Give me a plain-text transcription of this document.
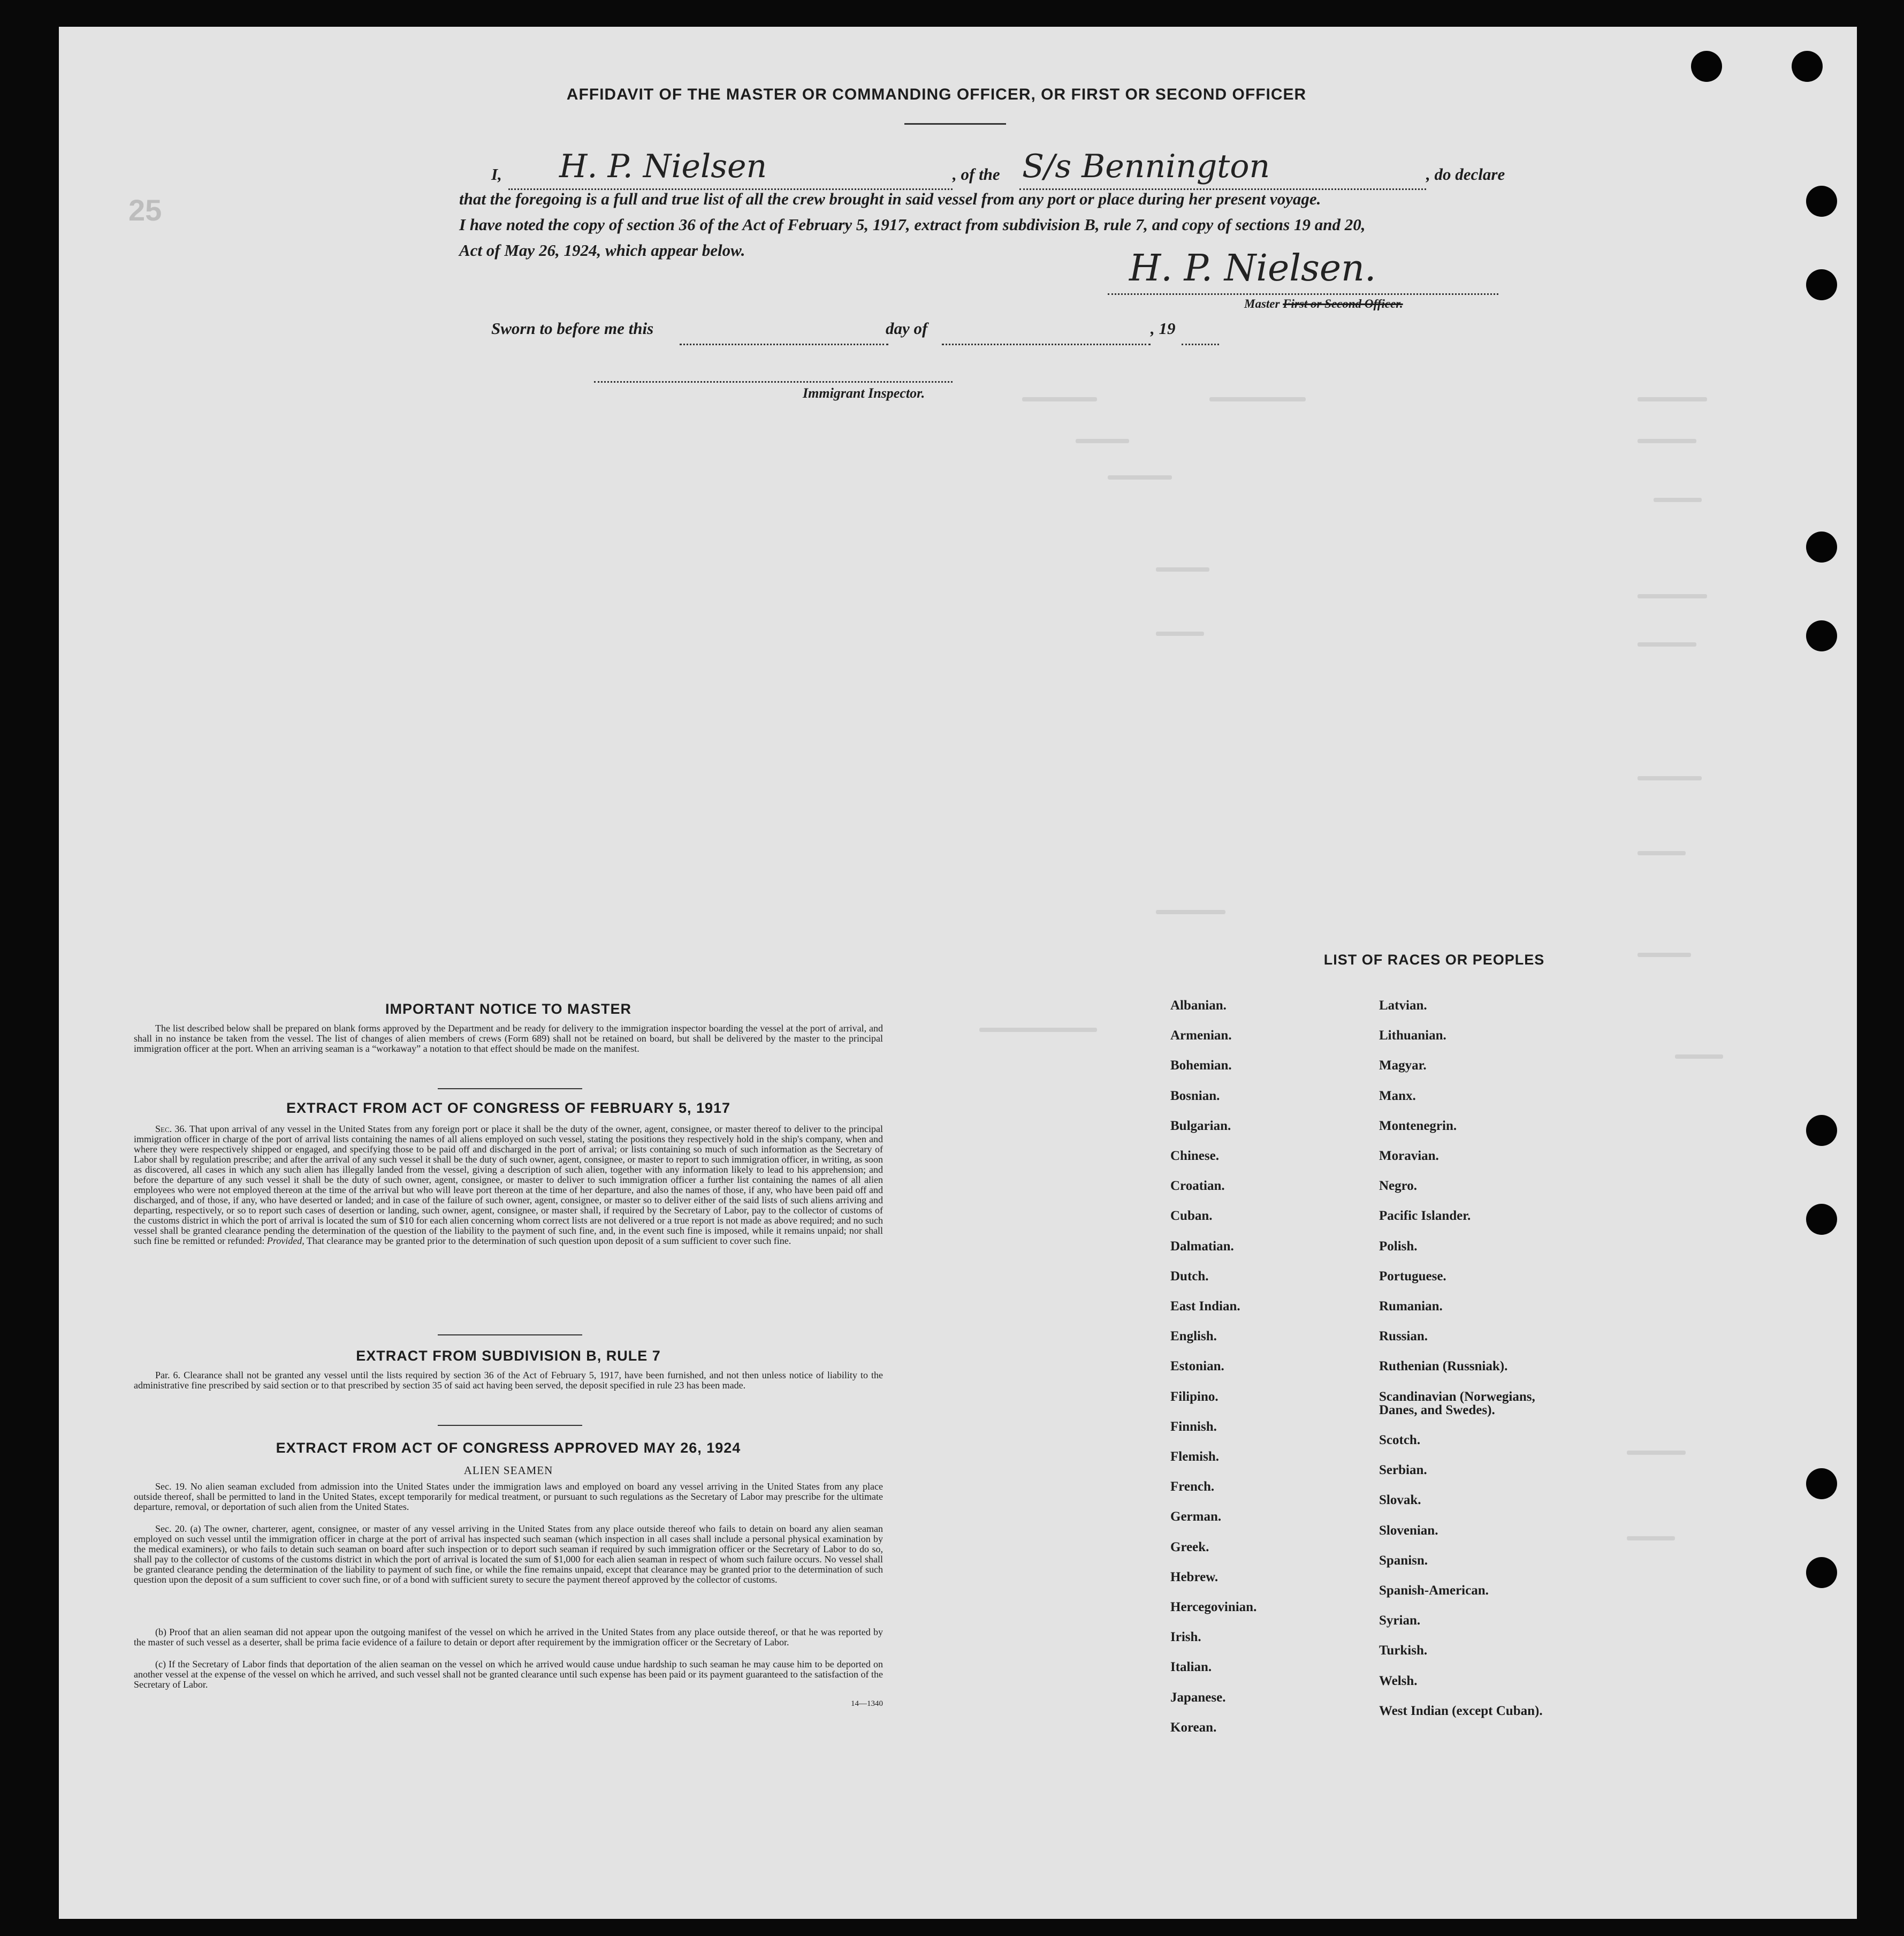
25
AFFIDAVIT OF THE MASTER OR COMMANDING OFFICER, OR FIRST OR SECOND OFFICER
I, H. P. Nielsen	, of the S/s Bennington	, do declare
that the foregoing is a full and true list of all the crew brought in said vessel from any port or place during her present voyage.
I have noted the copy of section 36 of the Act of February 5, 1917, extract from subdivision B, rule 7, and copy of sections 19 and 20,
Act of May 26, 1924, which appear below.	H. P. Nielsen.
Master First or Second Officer.
Sworn to before me this	day of	, 19
Immigrant Inspector.
IMPORTANT NOTICE TO MASTER
The list described below shall be prepared on blank forms approved by the Department and be ready for delivery to the immigration inspector boarding the vessel at the port of arrival, and shall in no instance be taken from the vessel. The list of changes of alien members of crews (Form 689) shall not be retained on board, but shall be delivered by the master to the principal immigration officer at the port. When an arriving seaman is a “workaway” a notation to that effect should be made on the manifest.
EXTRACT FROM ACT OF CONGRESS OF FEBRUARY 5, 1917
Sec. 36. That upon arrival of any vessel in the United States from any foreign port or place it shall be the duty of the owner, agent, consignee, or master thereof to deliver to the principal immigration officer in charge of the port of arrival lists containing the names of all aliens employed on such vessel, stating the positions they respectively hold in the ship's company, when and where they were respectively shipped or engaged, and specifying those to be paid off and discharged in the port of arrival; or lists containing so much of such information as the Secretary of Labor shall by regulation prescribe; and after the arrival of any such vessel it shall be the duty of such owner, agent, consignee, or master to report to such immigration officer, in writing, as soon as discovered, all cases in which any such alien has illegally landed from the vessel, giving a description of such alien, together with any information likely to lead to his apprehension; and before the departure of any such vessel it shall be the duty of such owner, agent, consignee, or master to deliver to such immigration officer a further list containing the names of all alien employees who were not employed thereon at the time of the arrival but who will leave port thereon at the time of her departure, and also the names of those, if any, who have been paid off and discharged, and of those, if any, who have deserted or landed; and in case of the failure of such owner, agent, consignee, or master so to deliver either of the said lists of such aliens arriving and departing, respectively, or so to report such cases of desertion or landing, such owner, agent, consignee, or master shall, if required by the Secretary of Labor, pay to the collector of customs of the customs district in which the port of arrival is located the sum of $10 for each alien concerning whom correct lists are not delivered or a true report is not made as above required; and no such vessel shall be granted clearance pending the determination of the question of the liability to the payment of such fine, and, in the event such fine is imposed, while it remains unpaid; nor shall such fine be remitted or refunded: Provided, That clearance may be granted prior to the determination of such question upon deposit of a sum sufficient to cover such fine.
EXTRACT FROM SUBDIVISION B, RULE 7
Par. 6. Clearance shall not be granted any vessel until the lists required by section 36 of the Act of February 5, 1917, have been furnished, and not then unless notice of liability to the administrative fine prescribed by said section or to that prescribed by section 35 of said act having been served, the deposit specified in rule 23 has been made.
EXTRACT FROM ACT OF CONGRESS APPROVED MAY 26, 1924
ALIEN SEAMEN
Sec. 19. No alien seaman excluded from admission into the United States under the immigration laws and employed on board any vessel arriving in the United States from any place outside thereof, shall be permitted to land in the United States, except temporarily for medical treatment, or pursuant to such regulations as the Secretary of Labor may prescribe for the ultimate departure, removal, or deportation of such alien from the United States.
Sec. 20. (a) The owner, charterer, agent, consignee, or master of any vessel arriving in the United States from any place outside thereof who fails to detain on board any alien seaman employed on such vessel until the immigration officer in charge at the port of arrival has inspected such seaman (which inspection in all cases shall include a personal physical examination by the medical examiners), or who fails to detain such seaman on board after such inspection or to deport such seaman if required by such immigration officer or the Secretary of Labor to do so, shall pay to the collector of customs of the customs district in which the port of arrival is located the sum of $1,000 for each alien seaman in respect of whom such failure occurs. No vessel shall be granted clearance pending the determination of the liability to payment of such fine, or while the fine remains unpaid, except that clearance may be granted prior to the determination of such question upon the deposit of a sum sufficient to cover such fine, or of a bond with sufficient surety to secure the payment thereof approved by the collector of customs.
(b) Proof that an alien seaman did not appear upon the outgoing manifest of the vessel on which he arrived in the United States from any place outside thereof, or that he was reported by the master of such vessel as a deserter, shall be prima facie evidence of a failure to detain or deport after requirement by the immigration officer or the Secretary of Labor.
(c) If the Secretary of Labor finds that deportation of the alien seaman on the vessel on which he arrived would cause undue hardship to such seaman he may cause him to be deported on another vessel at the expense of the vessel on which he arrived, and such vessel shall not be granted clearance until such expense has been paid or its payment guaranteed to the satisfaction of the Secretary of Labor.
14—1340
LIST OF RACES OR PEOPLES
Albanian.
Armenian.
Bohemian.
Bosnian.
Bulgarian.
Chinese.
Croatian.
Cuban.
Dalmatian.
Dutch.
East Indian.
English.
Estonian.
Filipino.
Finnish.
Flemish.
French.
German.
Greek.
Hebrew.
Hercegovinian.
Irish.
Italian.
Japanese.
Korean.
Latvian.
Lithuanian.
Magyar.
Manx.
Montenegrin.
Moravian.
Negro.
Pacific Islander.
Polish.
Portuguese.
Rumanian.
Russian.
Ruthenian (Russniak).
Scandinavian (Norwegians,
Danes, and Swedes).
Scotch.
Serbian.
Slovak.
Slovenian.
Spanisn.
Spanish-American.
Syrian.
Turkish.
Welsh.
West Indian (except Cuban).
